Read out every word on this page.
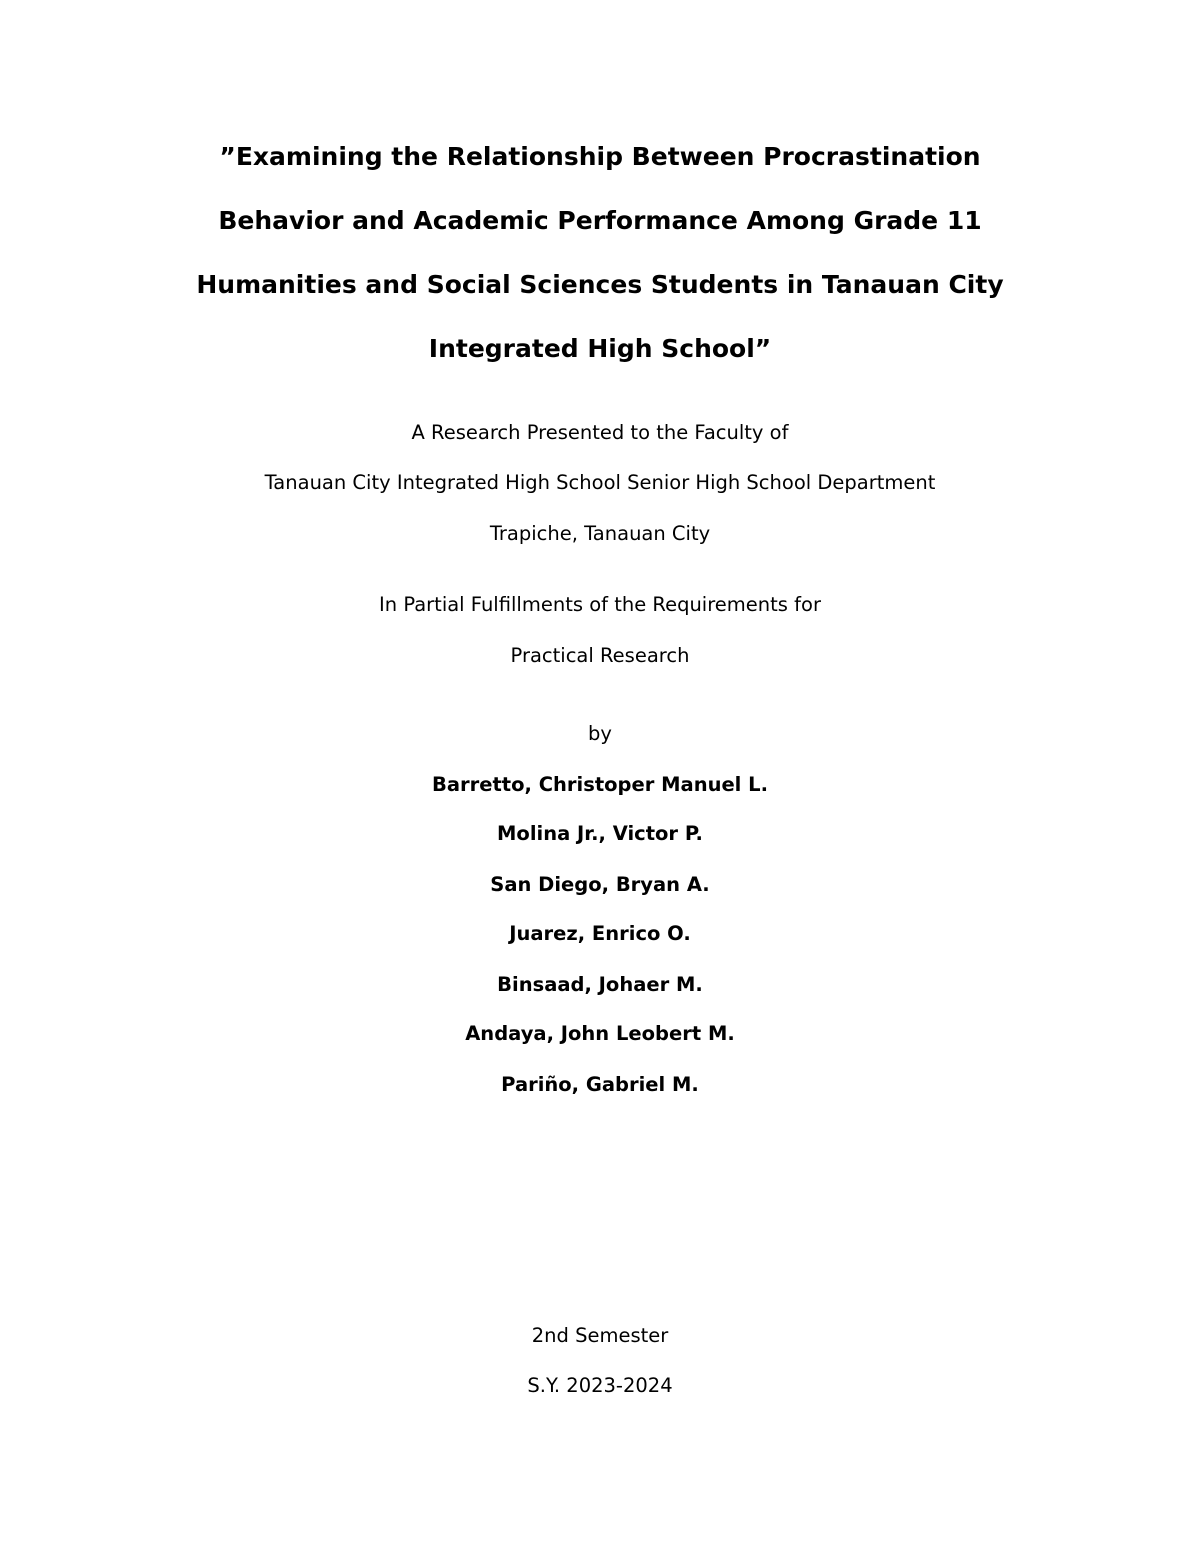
”Examining the Relationship Between Procrastination

Behavior and Academic Performance Among Grade 11

Humanities and Social Sciences Students in Tanauan City

Integrated High School”

A Research Presented to the Faculty of

Tanauan City Integrated High School Senior High School Department

Trapiche, Tanauan City

In Partial Fulfillments of the Requirements for

Practical Research

by

Barretto, Christoper Manuel L.

Molina Jr., Victor P.

San Diego, Bryan A.

Juarez, Enrico O.

Binsaad, Johaer M.

Andaya, John Leobert M.

Pariño, Gabriel M.

2nd Semester

S.Y. 2023-2024
